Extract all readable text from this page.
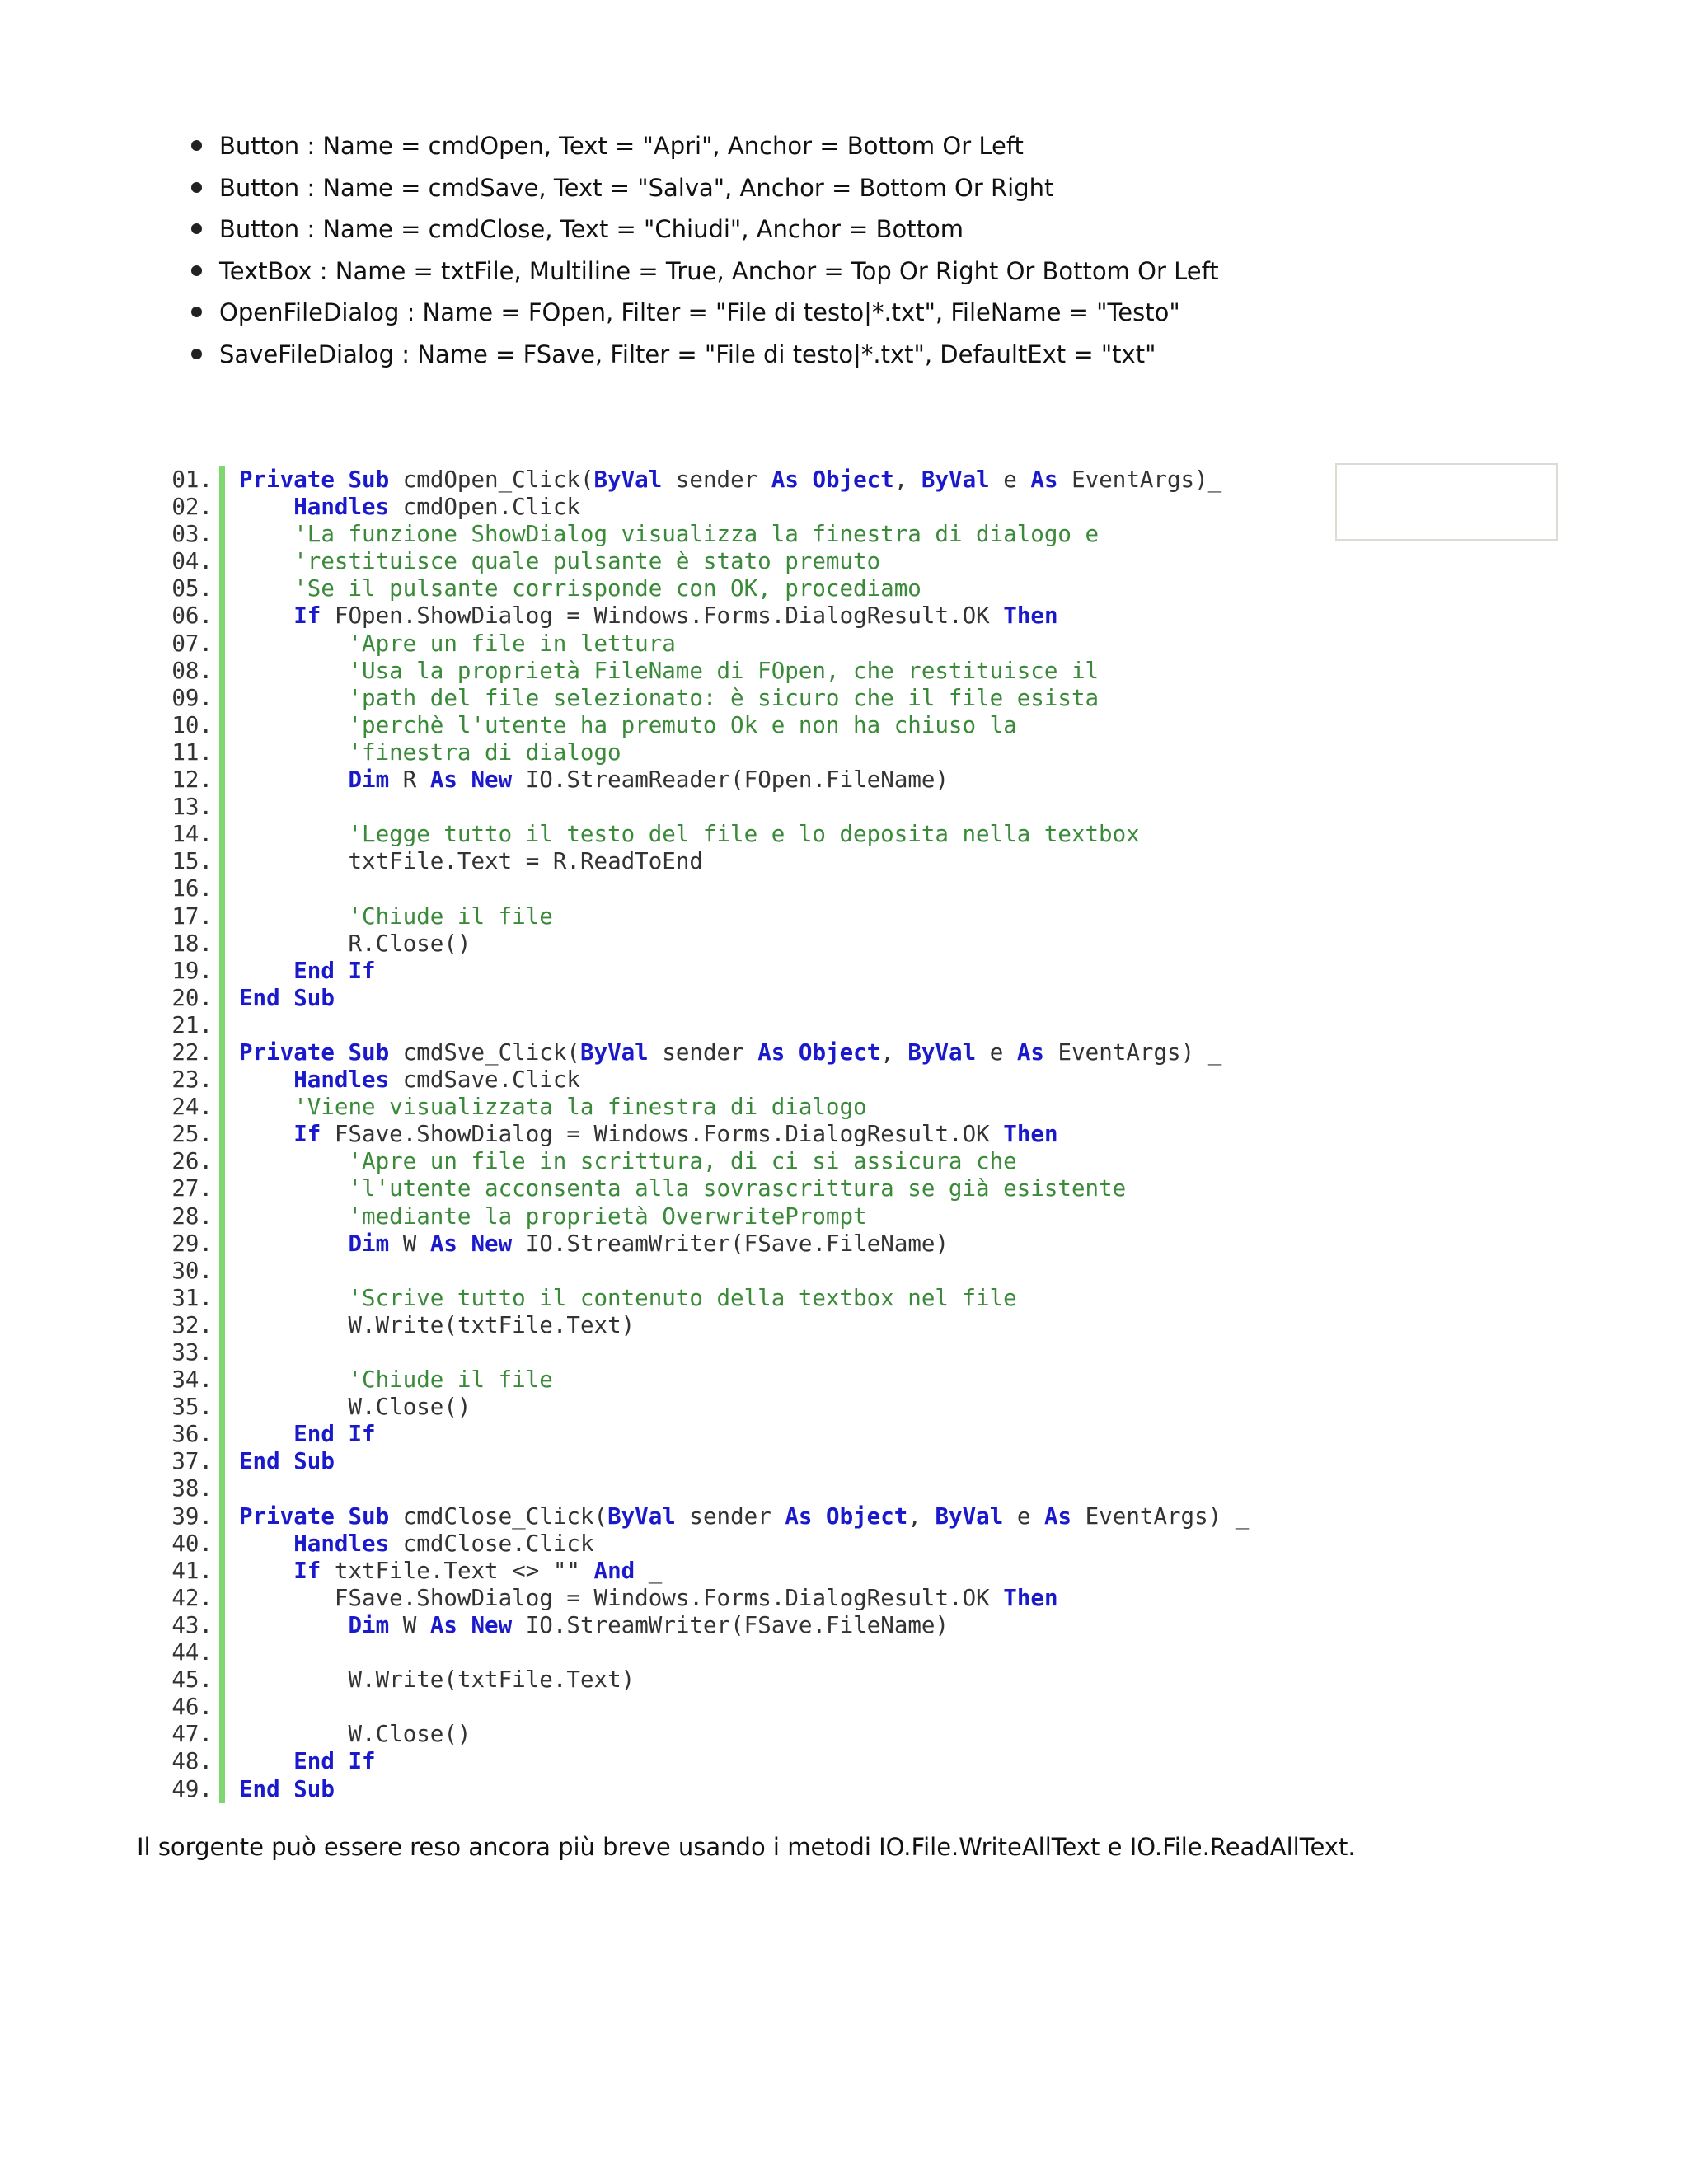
Button : Name = cmdOpen, Text = "Apri", Anchor = Bottom Or Left
Button : Name = cmdSave, Text = "Salva", Anchor = Bottom Or Right
Button : Name = cmdClose, Text = "Chiudi", Anchor = Bottom
TextBox : Name = txtFile, Multiline = True, Anchor = Top Or Right Or Bottom Or Left
OpenFileDialog : Name = FOpen, Filter = "File di testo|*.txt", FileName = "Testo"
SaveFileDialog : Name = FSave, Filter = "File di testo|*.txt", DefaultExt = "txt"
01. Private Sub cmdOpen_Click(ByVal sender As Object, ByVal e As EventArgs)_
02.	Handles cmdOpen.Click
03.	'La funzione ShowDialog visualizza la finestra di dialogo e
04.	'restituisce quale pulsante è stato premuto
05.	'Se il pulsante corrisponde con OK, procediamo
06.	If FOpen.ShowDialog = Windows.Forms.DialogResult.OK Then
07.	'Apre un file in lettura
08.	'Usa la proprietà FileName di FOpen, che restituisce il
09.	'path del file selezionato: è sicuro che il file esista
10.	'perchè l'utente ha premuto Ok e non ha chiuso la
11.	'finestra di dialogo
12.	Dim R As New IO.StreamReader(FOpen.FileName)
13.
14.	'Legge tutto il testo del file e lo deposita nella textbox
15.	txtFile.Text = R.ReadToEnd
16.
17.	'Chiude il file
18.	R.Close()
19.	End If
20. End Sub
21.
22. Private Sub cmdSve_Click(ByVal sender As Object, ByVal e As EventArgs) _
23.	Handles cmdSave.Click
24.	'Viene visualizzata la finestra di dialogo
25.	If FSave.ShowDialog = Windows.Forms.DialogResult.OK Then
26.	'Apre un file in scrittura, di ci si assicura che
27.	'l'utente acconsenta alla sovrascrittura se già esistente
28.	'mediante la proprietà OverwritePrompt
29.	Dim W As New IO.StreamWriter(FSave.FileName)
30.
31.	'Scrive tutto il contenuto della textbox nel file
32.	W.Write(txtFile.Text)
33.
34.	'Chiude il file
35.	W.Close()
36.	End If
37. End Sub
38.
39. Private Sub cmdClose_Click(ByVal sender As Object, ByVal e As EventArgs) _
40.	Handles cmdClose.Click
41.	If txtFile.Text <> "" And _
42.	FSave.ShowDialog = Windows.Forms.DialogResult.OK Then
43.	Dim W As New IO.StreamWriter(FSave.FileName)
44.
45.	W.Write(txtFile.Text)
46.
47.	W.Close()
48.	End If
49. End Sub

Il sorgente può essere reso ancora più breve usando i metodi IO.File.WriteAllText e IO.File.ReadAllText.
